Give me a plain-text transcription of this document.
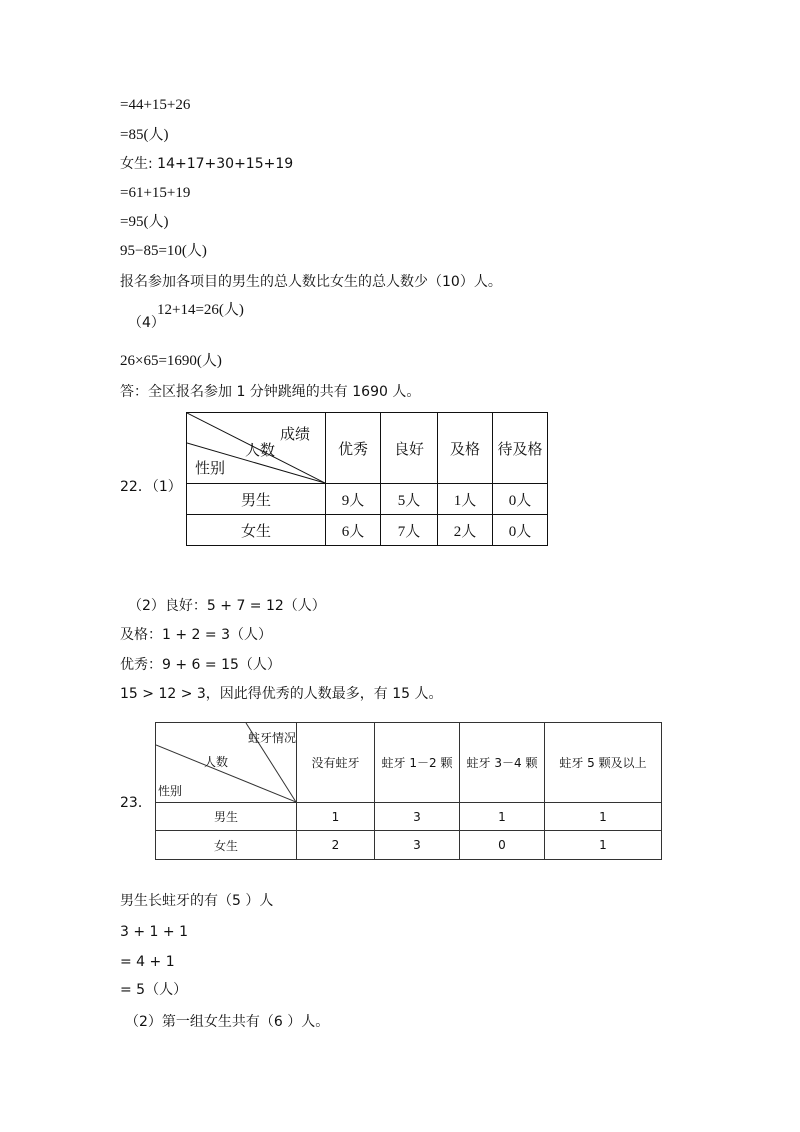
=44+15+26
=85(人)
女生: 14+17+30+15+19
=61+15+19
=95(人)
95−85=10(人)
报名参加各项目的男生的总人数比女生的总人数少（10）人。
（4）
12+14=26(人)
26×65=1690(人)
答：全区报名参加 1 分钟跳绳的共有 1690 人。
22．（1）
成绩
人数
性别	优秀	良好	及格	待及格
男生	9人	5人	1人	0人
女生	6人	7人	2人	0人
（2）良好：5 + 7 = 12（人）
及格：1 + 2 = 3（人）
优秀：9 + 6 = 15（人）
15 > 12 > 3，因此得优秀的人数最多，有 15 人。
23．
蛀牙情况
人数
性别	没有蛀牙	蛀牙 1－2 颗	蛀牙 3－4 颗	蛀牙 5 颗及以上
男生	1	3	1	1
女生	2	3	0	1
男生长蛀牙的有（5 ）人
3 + 1 + 1
= 4 + 1
= 5（人）
（2）第一组女生共有（6 ）人。
